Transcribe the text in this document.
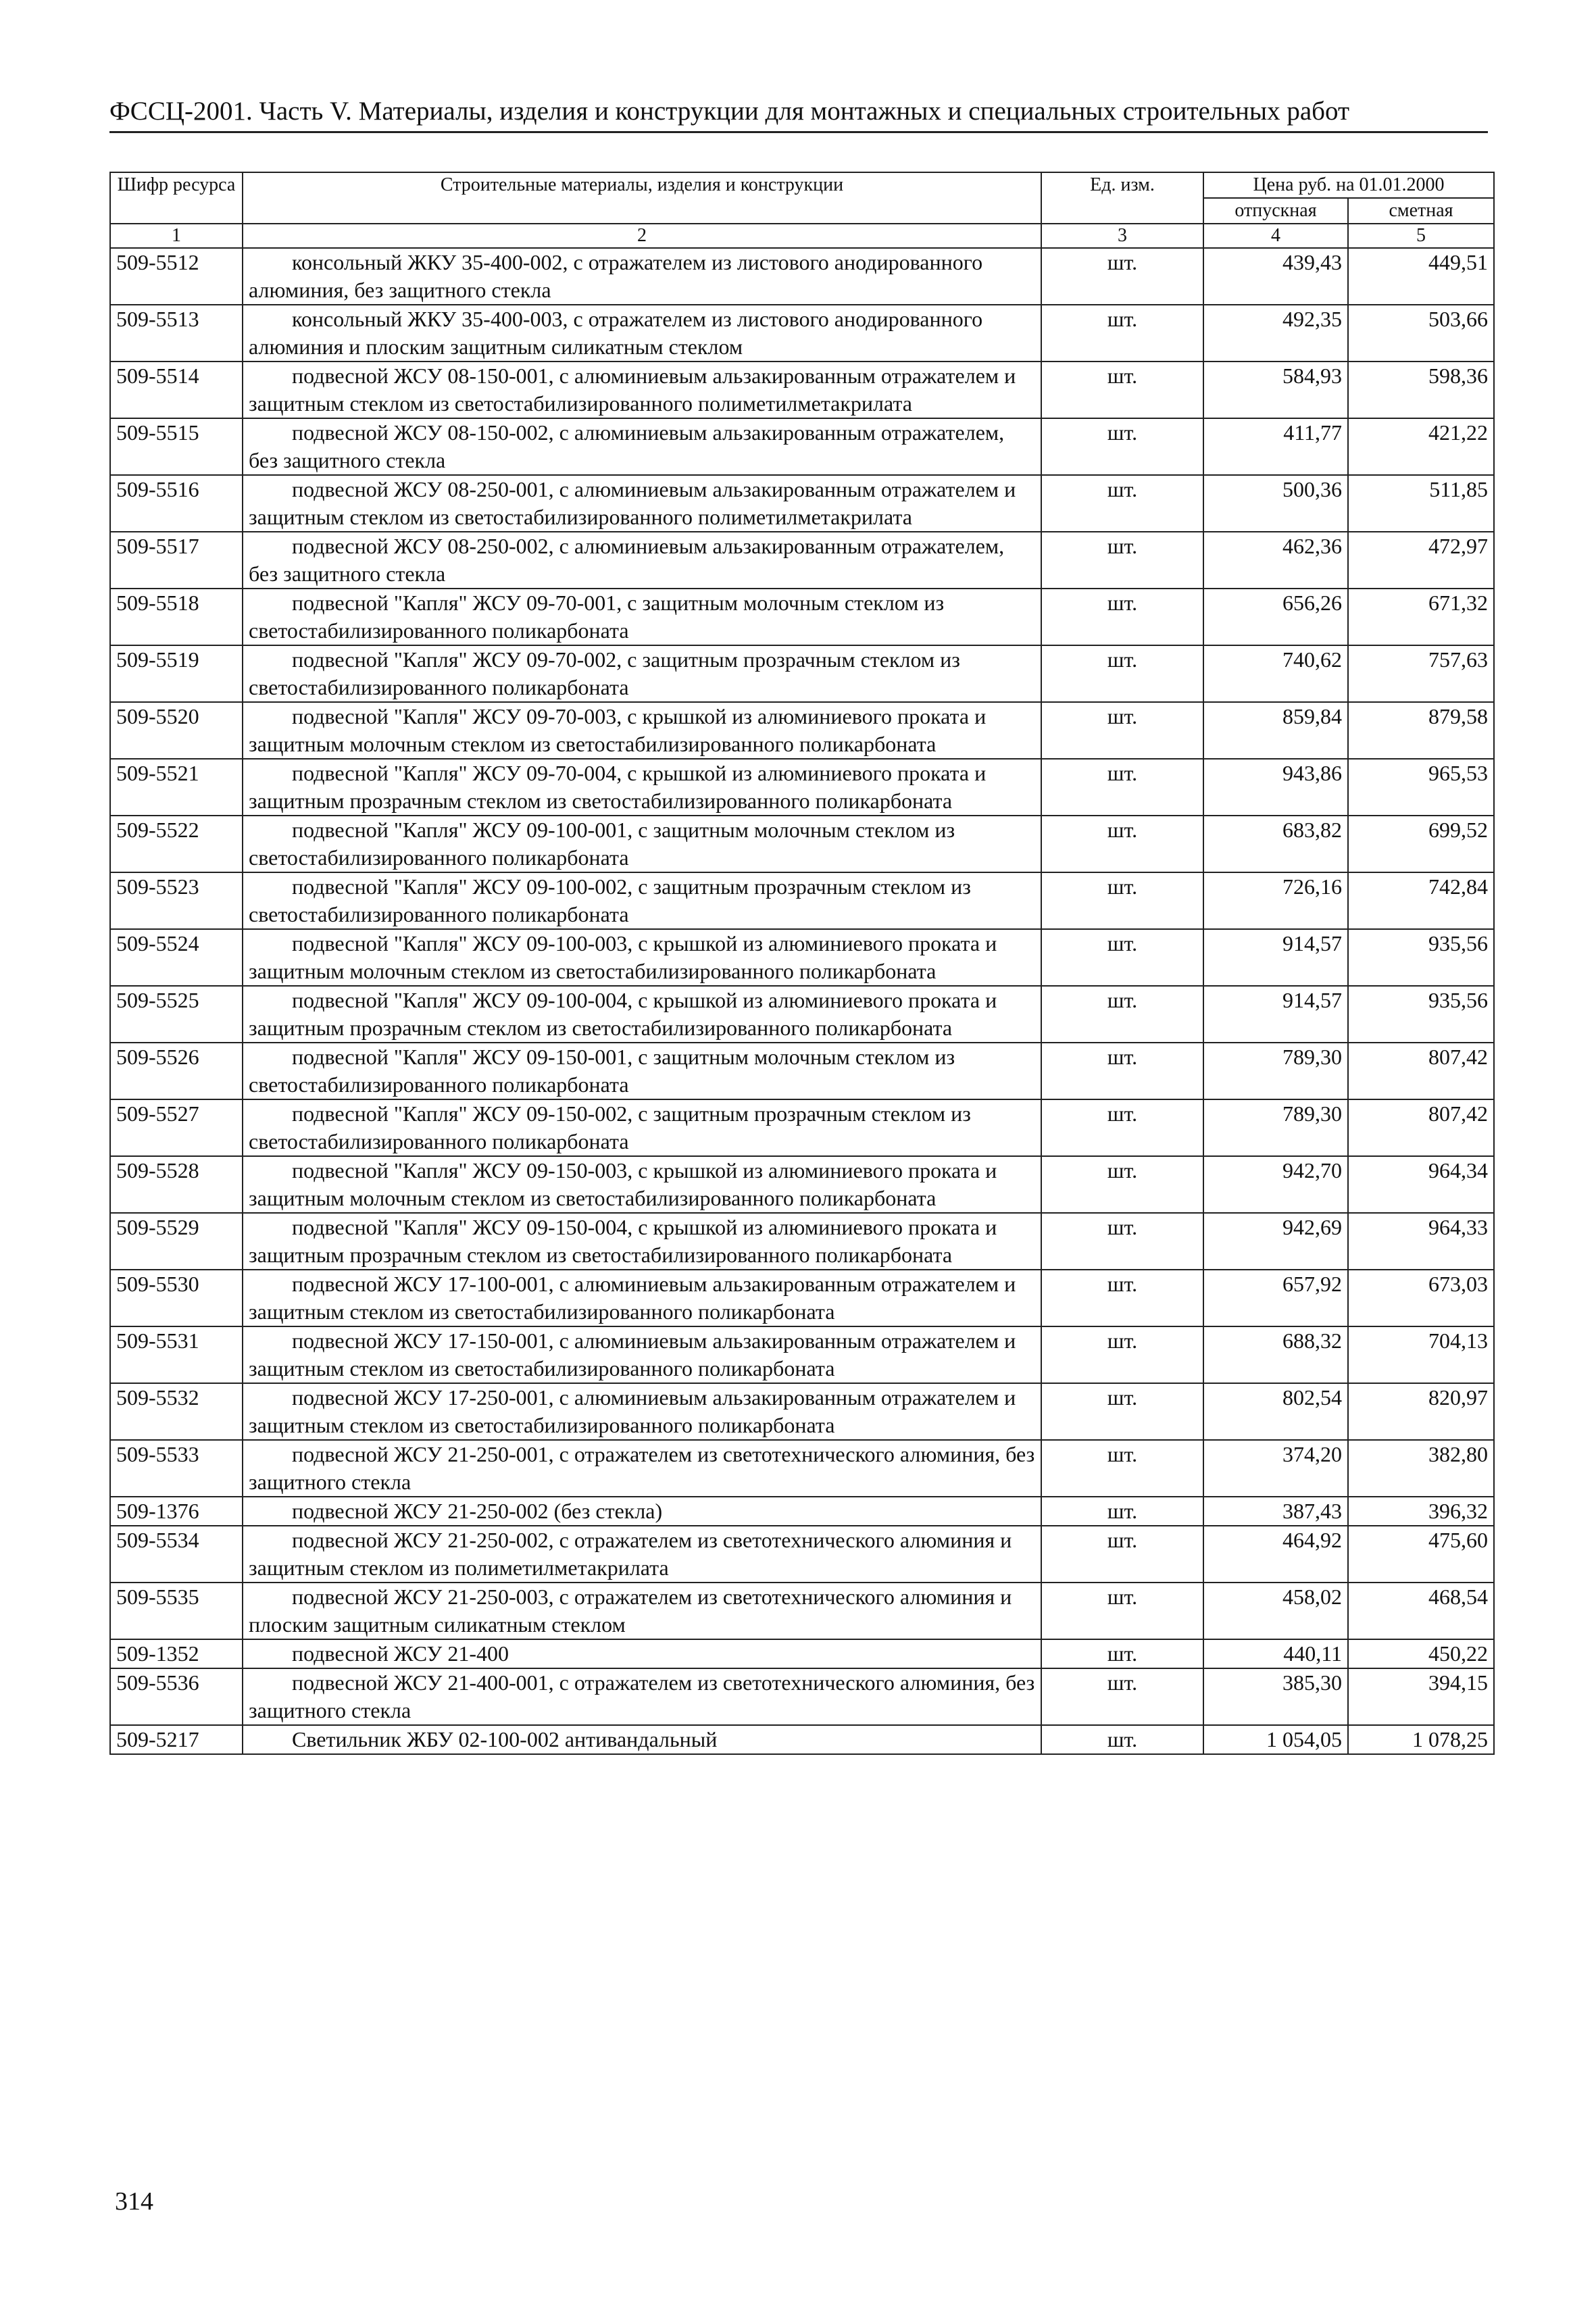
ФССЦ-2001. Часть V. Материалы, изделия и конструкции для монтажных и специальных строительных работ
Шифр ресурса	Строительные материалы, изделия и конструкции	Ед. изм.	Цена руб. на 01.01.2000	
			отпускная	сметная
1	2	3	4	5
509-5512	консольный ЖКУ 35-400-002, с отражателем из листового анодированного алюминия, без защитного стекла	шт.	439,43	449,51
509-5513	консольный ЖКУ 35-400-003, с отражателем из листового анодированного алюминия и плоским защитным силикатным стеклом	шт.	492,35	503,66
509-5514	подвесной ЖСУ 08-150-001, с алюминиевым альзакированным отражателем и защитным стеклом из светостабилизированного полиметилметакрилата	шт.	584,93	598,36
509-5515	подвесной ЖСУ 08-150-002, с алюминиевым альзакированным отражателем, без защитного стекла	шт.	411,77	421,22
509-5516	подвесной ЖСУ 08-250-001, с алюминиевым альзакированным отражателем и защитным стеклом из светостабилизированного полиметилметакрилата	шт.	500,36	511,85
509-5517	подвесной ЖСУ 08-250-002, с алюминиевым альзакированным отражателем, без защитного стекла	шт.	462,36	472,97
509-5518	подвесной "Капля" ЖСУ 09-70-001, с защитным молочным стеклом из светостабилизированного поликарбоната	шт.	656,26	671,32
509-5519	подвесной "Капля" ЖСУ 09-70-002, с защитным прозрачным стеклом из светостабилизированного поликарбоната	шт.	740,62	757,63
509-5520	подвесной "Капля" ЖСУ 09-70-003, с крышкой из алюминиевого проката и защитным молочным стеклом из светостабилизированного поликарбоната	шт.	859,84	879,58
509-5521	подвесной "Капля" ЖСУ 09-70-004, с крышкой из алюминиевого проката и защитным прозрачным стеклом из светостабилизированного поликарбоната	шт.	943,86	965,53
509-5522	подвесной "Капля" ЖСУ 09-100-001, с защитным молочным стеклом из светостабилизированного поликарбоната	шт.	683,82	699,52
509-5523	подвесной "Капля" ЖСУ 09-100-002, с защитным прозрачным стеклом из светостабилизированного поликарбоната	шт.	726,16	742,84
509-5524	подвесной "Капля" ЖСУ 09-100-003, с крышкой из алюминиевого проката и защитным молочным стеклом из светостабилизированного поликарбоната	шт.	914,57	935,56
509-5525	подвесной "Капля" ЖСУ 09-100-004, с крышкой из алюминиевого проката и защитным прозрачным стеклом из светостабилизированного поликарбоната	шт.	914,57	935,56
509-5526	подвесной "Капля" ЖСУ 09-150-001, с защитным молочным стеклом из светостабилизированного поликарбоната	шт.	789,30	807,42
509-5527	подвесной "Капля" ЖСУ 09-150-002, с защитным прозрачным стеклом из светостабилизированного поликарбоната	шт.	789,30	807,42
509-5528	подвесной "Капля" ЖСУ 09-150-003, с крышкой из алюминиевого проката и защитным молочным стеклом из светостабилизированного поликарбоната	шт.	942,70	964,34
509-5529	подвесной "Капля" ЖСУ 09-150-004, с крышкой из алюминиевого проката и защитным прозрачным стеклом из светостабилизированного поликарбоната	шт.	942,69	964,33
509-5530	подвесной ЖСУ 17-100-001, с алюминиевым альзакированным отражателем и защитным стеклом из светостабилизированного поликарбоната	шт.	657,92	673,03
509-5531	подвесной ЖСУ 17-150-001, с алюминиевым альзакированным отражателем и защитным стеклом из светостабилизированного поликарбоната	шт.	688,32	704,13
509-5532	подвесной ЖСУ 17-250-001, с алюминиевым альзакированным отражателем и защитным стеклом из светостабилизированного поликарбоната	шт.	802,54	820,97
509-5533	подвесной ЖСУ 21-250-001, с отражателем из светотехнического алюминия, без защитного стекла	шт.	374,20	382,80
509-1376	подвесной ЖСУ 21-250-002 (без стекла)	шт.	387,43	396,32
509-5534	подвесной ЖСУ 21-250-002, с отражателем из светотехнического алюминия и защитным стеклом из полиметилметакрилата	шт.	464,92	475,60
509-5535	подвесной ЖСУ 21-250-003, с отражателем из светотехнического алюминия и плоским защитным силикатным стеклом	шт.	458,02	468,54
509-1352	подвесной ЖСУ 21-400	шт.	440,11	450,22
509-5536	подвесной ЖСУ 21-400-001, с отражателем из светотехнического алюминия, без защитного стекла	шт.	385,30	394,15
509-5217	Светильник ЖБУ 02-100-002 антивандальный	шт.	1 054,05	1 078,25
314
